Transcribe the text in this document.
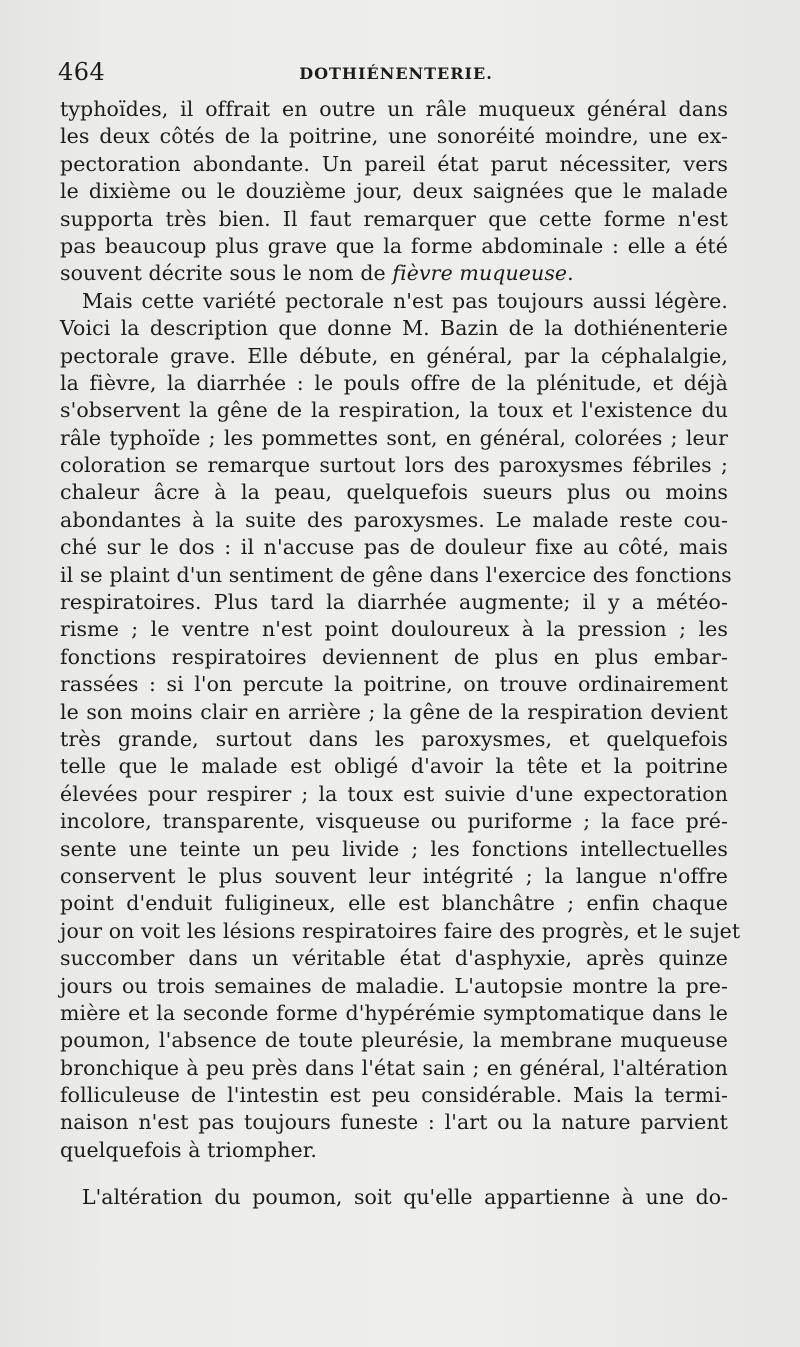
464	DOTHIÉNENTERIE.
typhoïdes, il offrait en outre un râle muqueux général dans
les deux côtés de la poitrine, une sonoréité moindre, une ex-
pectoration abondante. Un pareil état parut nécessiter, vers
le dixième ou le douzième jour, deux saignées que le malade
supporta très bien. Il faut remarquer que cette forme n'est
pas beaucoup plus grave que la forme abdominale : elle a été
souvent décrite sous le nom de fièvre muqueuse.
Mais cette variété pectorale n'est pas toujours aussi légère.
Voici la description que donne M. Bazin de la dothiénenterie
pectorale grave. Elle débute, en général, par la céphalalgie,
la fièvre, la diarrhée : le pouls offre de la plénitude, et déjà
s'observent la gêne de la respiration, la toux et l'existence du
râle typhoïde ; les pommettes sont, en général, colorées ; leur
coloration se remarque surtout lors des paroxysmes fébriles ;
chaleur âcre à la peau, quelquefois sueurs plus ou moins
abondantes à la suite des paroxysmes. Le malade reste cou-
ché sur le dos : il n'accuse pas de douleur fixe au côté, mais
il se plaint d'un sentiment de gêne dans l'exercice des fonctions
respiratoires. Plus tard la diarrhée augmente; il y a météo-
risme ; le ventre n'est point douloureux à la pression ; les
fonctions respiratoires deviennent de plus en plus embar-
rassées : si l'on percute la poitrine, on trouve ordinairement
le son moins clair en arrière ; la gêne de la respiration devient
très grande, surtout dans les paroxysmes, et quelquefois
telle que le malade est obligé d'avoir la tête et la poitrine
élevées pour respirer ; la toux est suivie d'une expectoration
incolore, transparente, visqueuse ou puriforme ; la face pré-
sente une teinte un peu livide ; les fonctions intellectuelles
conservent le plus souvent leur intégrité ; la langue n'offre
point d'enduit fuligineux, elle est blanchâtre ; enfin chaque
jour on voit les lésions respiratoires faire des progrès, et le sujet
succomber dans un véritable état d'asphyxie, après quinze
jours ou trois semaines de maladie. L'autopsie montre la pre-
mière et la seconde forme d'hypérémie symptomatique dans le
poumon, l'absence de toute pleurésie, la membrane muqueuse
bronchique à peu près dans l'état sain ; en général, l'altération
folliculeuse de l'intestin est peu considérable. Mais la termi-
naison n'est pas toujours funeste : l'art ou la nature parvient
quelquefois à triompher.
L'altération du poumon, soit qu'elle appartienne à une do-
